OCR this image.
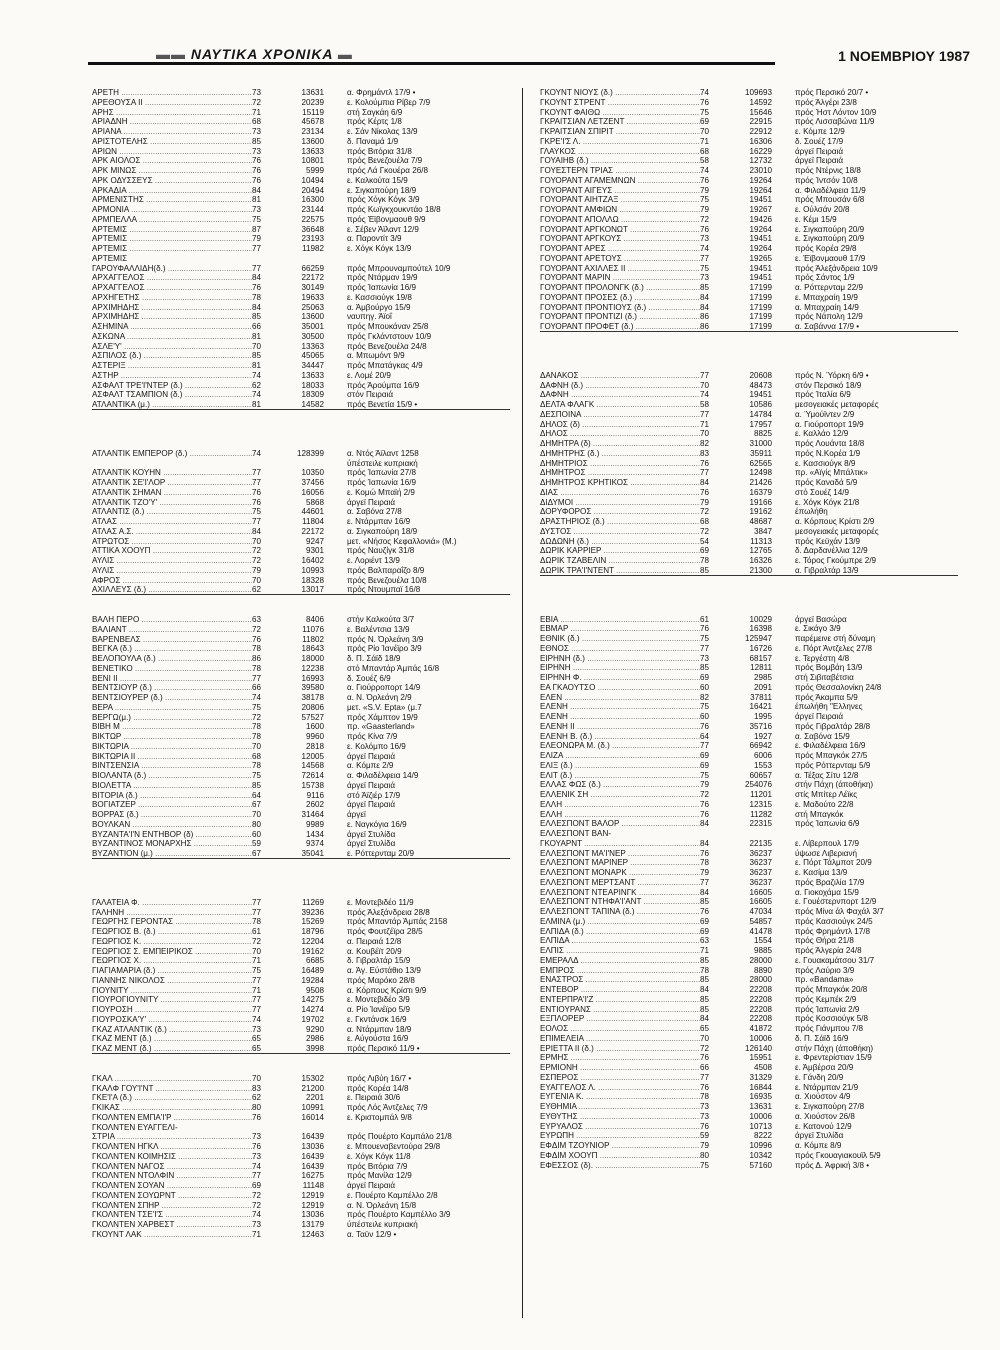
▬▬ ΝΑΥΤΙΚΑ ΧΡΟΝΙΚΑ ▬	1 ΝΟΕΜΒΡΙΟΥ 1987
ΑΡΕΤΗ .....	73	13631	α. Φρημάντλ 17/9 •
ΑΡΕΘΟΥΣΑ ΙΙ .....	72	20239	ε. Κολούμπια Ρίβερ 7/9
ΑΡΗΣ .....	71	15119	στή Σαγκάη 6/9
ΑΡΙΑΔΝΗ .....	68	45678	πρός Κέρτς 1/8
ΑΡΙΑΝΑ .....	73	23134	ε. Σάν Νίκολας 13/9
ΑΡΙΣΤΟΤΕΛΗΣ .....	85	13600	δ. Παναμά 1/9
ΑΡΙΩΝ .....	73	13633	πρός Βιτόρια 31/8
ΑΡΚ ΑΙΟΛΟΣ .....	76	10801	πρός Βενεζουέλα 7/9
ΑΡΚ ΜΙΝΩΣ .....	76	5999	πρός Λά Γκουέρα 26/8
ΑΡΚ ΟΔΥΣΣΕΥΣ .....	76	10494	ε. Καλκούτα 15/9
ΑΡΚΑΔΙΑ .....	84	20494	ε. Σιγκαπούρη 18/9
ΑΡΜΕΝΙΣΤΗΣ .....	81	16300	πρός Χόγκ Κόγκ 3/9
ΑΡΜΟΝΙΑ .....	73	23144	πρός Κωϊγκχουκντάο 18/8
ΑΡΜΠΕΛΛΑ .....	75	22575	πρός Έϊβονμαουθ 9/9
ΑΡΤΕΜΙΣ .....	87	36648	ε. Σέβεν Άϊλαντ 12/9
ΑΡΤΕΜΙΣ .....	79	23193	α. Παροντίτ 3/9
ΑΡΤΕΜΙΣ .....	77	11982	ε. Χόγκ Κόγκ 13/9
ΑΡΤΕΜΙΣ
ΓΑΡΟΥΦΑΛΛΙΔΗ(δ.) .....	77	66259	πρός Μπρουναμπούτελ 10/9
ΑΡΧΑΓΓΕΛΟΣ .....	84	22172	πρός Ντάρμαν 19/9
ΑΡΧΑΓΓΕΛΟΣ .....	76	30149	πρός Ίαπωνία 16/9
ΑΡΧΗΓΕΤΗΣ .....	78	19633	ε. Κασσιούγκ 19/8
ΑΡΧΙΜΗΔΗΣ .....	84	25063	α. Άμβούργο 15/9
ΑΡΧΙΜΗΔΗΣ .....	85	13600	ναυπηγ. Άϊοΐ
ΑΣΗΜΙΝΑ .....	66	35001	πρός Μπουκάναν 25/8
ΑΣΚΩΝΑ .....	81	30500	πρός Γκλάντστουν 10/9
ΑΣΛΕ'Υ' .....	70	13363	πρός Βενεζουέλα 24/8
ΑΣΠΙΛΟΣ (δ.) .....	85	45065	α. Μπωμόντ 9/9
ΑΣΤΕΡΙΞ .....	81	34447	πρός Μπατάγκας 4/9
ΑΣΤΗΡ .....	74	13633	ε. Λομέ 20/9
ΑΣΦΑΛΤ ΤΡΕ'Ι'ΝΤΕΡ (δ.) .....	62	18033	πρός Άρούμπα 16/9
ΑΣΦΑΛΤ ΤΣΑΜΠΙΟΝ (δ.) .....	74	18309	στόν Πειραιά
ΑΤΛΑΝΤΙΚΑ (μ.) .....	81	14582	πρός Βενετία 15/9 •
ΑΤΛΑΝΤΙΚ ΕΜΠΕΡΟΡ (δ.) .....	74	128399	α. Ντός Άϊλαντ 1258
ύπέστειλε κυπριακή
ΑΤΛΑΝΤΙΚ ΚΟΥΗΝ .....	77	10350	πρός Ίαπωνία 27/8
ΑΤΛΑΝΤΙΚ ΣΕ'Ι'ΛΟΡ .....	77	37456	πρός Ίαπωνία 16/9
ΑΤΛΑΝΤΙΚ ΣΗΜΑΝ .....	76	16056	ε. Κομώ Μπαϊή 2/9
ΑΤΛΑΝΤΙΚ ΤΖΟ'Υ' .....	76	5868	άργεϊ Πειραιά
ΑΤΛΑΝΤΙΣ (δ.) .....	75	44601	α. Σαβόνα 27/8
ΑΤΛΑΣ .....	77	11804	ε. Ντάρμπαν 16/9
ΑΤΛΑΣ Α.Σ. .....	84	22172	α. Σιγκαπούρη 18/9
ΑΤΡΩΤΟΣ .....	70	9247	μετ. «Νήσος Κεφαλλονιά» (Μ.)
ΑΤΤΙΚΑ ΧΟΟΥΠ .....	72	9301	πρός Ναυζίγκ 31/8
ΑΥΛΙΣ .....	72	16402	ε. Λοριέντ 13/9
ΑΥΛΙΣ .....	79	10993	πρός Βαλπαραΐζο 8/9
ΑΦΡΟΣ .....	70	18328	πρός Βενεζουέλα 10/8
ΑΧΙΛΛΕΥΣ (δ.) .....	62	13017	πρός Ντουμπαϊ 16/8
ΒΑΛΗ ΠΕΡΟ .....	63	8406	στήν Καλκούτα 3/7
ΒΑΛΙΑΝΤ .....	72	11076	ε. Βαλέντσια 13/9
ΒΑΡΕΝΒΕΛΣ .....	76	11802	πρός Ν. Όρλεάνη 3/9
ΒΕΓΚΑ (δ.) .....	78	18643	πρός Ρίο Ίανέϊρο 3/9
ΒΕΛΟΠΟΥΛΑ (δ.) .....	86	18000	δ. Π. Σάϊδ 18/9
ΒΕΝΕΤΙΚΟ .....	78	12238	στό Μπαντάρ Άμπάς 16/8
ΒΕΝΙ ΙΙ .....	77	16993	δ. Σουέζ 6/9
ΒΕΝΤΣΙΟΥΡ (δ.) .....	66	39580	α. Γιούρροπορτ 14/9
ΒΕΝΤΣΙΟΥΡΕΡ (δ.) .....	74	38178	α. Ν. Όρλεάνη 2/9
ΒΕΡΑ .....	75	20806	μετ. «S.V. Epta» (μ.7
ΒΕΡΓΩ(μ.) .....	72	57527	πρός Χάμπτον 19/9
ΒΙΒΗ Μ .....	78	1600	πρ. «Gaasterland»
ΒΙΚΤΩΡ .....	78	9960	πρός Κίνα 7/9
ΒΙΚΤΩΡΙΑ .....	70	2818	ε. Κολόμπο 16/9
ΒΙΚΤΩΡΙΑ ΙΙ .....	68	12005	άργεϊ Πειραιά
ΒΙΝΤΣΕΝΣΙΑ .....	78	14568	α. Κόμπε 2/9
ΒΙΟΛΑΝΤΑ (δ.) .....	75	72614	α. Φιλαδέλφεια 14/9
ΒΙΟΛΕΤΤΑ .....	85	15738	άργεϊ Πειραιά
ΒΙΤΟΡΙΑ (δ.) .....	64	9116	στό Άϊζιέρ 17/9
ΒΟΓΙΑΤΖΕΡ .....	67	2602	άργεϊ Πειραιά
ΒΟΡΡΑΣ (δ.) .....	70	31464	άργεϊ
ΒΟΥΛΚΑΝ .....	80	9989	ε. Ναγκόγια 16/9
ΒΥΖΑΝΤΑ'Ι'Ν ΕΝΤΗΒΟΡ (δ) .....	60	1434	άργεϊ Στυλίδα
ΒΥΖΑΝΤΙΝΟΣ ΜΟΝΑΡΧΗΣ .....	59	9374	άργεϊ Στυλίδα
ΒΥΖΑΝΤΙΟΝ (μ.) .....	67	35041	ε. Ρόττερνταμ 20/9
ΓΑΛΑΤΕΙΑ Φ. .....	77	11269	ε. Μοντεβιδέο 11/9
ΓΑΛΗΝΗ .....	77	39236	πρός Άλεξάνδρεια 28/8
ΓΕΩΡΓΗΣ ΓΕΡΟΝΤΑΣ .....	78	15269	πρός Μπαντάρ Άμπάς 2158
ΓΕΩΡΓΙΟΣ Β. (δ.) .....	61	18796	πρός Φουτζέϊρα 28/5
ΓΕΩΡΓΙΟΣ Κ. .....	72	12204	α. Πειραιά 12/8
ΓΕΩΡΓΙΟΣ Σ. ΕΜΠΕΙΡΙΚΟΣ .....	70	19162	α. Κουβέϊτ 20/9
ΓΕΩΡΓΙΟΣ Χ. .....	71	6685	δ. Γιβραλτάρ 15/9
ΓΙΑΓΙΑΜΑΡΙΑ (δ.) .....	75	16489	α. Άγ. Εύστάθιο 13/9
ΓΙΑΝΝΗΣ ΝΙΚΟΛΟΣ .....	77	19284	πρός Μαρόκο 28/8
ΓΙΟΥΝΙΤΥ .....	71	9508	α. Κόρπους Κρίστι 9/9
ΓΙΟΥΡΟΓΙΟΥΝΙΤΥ .....	77	14275	ε. Μοντεβιδέο 3/9
ΓΙΟΥΡΟΣΗ .....	77	14274	α. Ρίο Ίανέϊρο 5/9
ΓΙΟΥΡΟΣΚΑ'Υ' .....	74	19702	ε. Γκντάνσκ 16/9
ΓΚΑΖ ΑΤΛΑΝΤΙΚ (δ.) .....	73	9290	α. Ντάρμπαν 18/9
ΓΚΑΖ ΜΕΝΤ (δ.) .....	65	2986	ε. Αύγούστα 16/9
ΓΚΑΖ ΜΕΝΤ (δ.) .....	65	3998	πρός Περσικό 11/9 •
ΓΚΑΛ .....	70	15302	πρός Λιβύη 16/7 •
ΓΚΑΛΦ ΓΟΥ'Ι'ΝΤ .....	83	21200	πρός Κορέα 14/8
ΓΚΕ'Ι'Α (δ.) .....	62	2201	ε. Πειραιά 30/6
ΓΚΙΚΑΣ .....	80	10991	πρός Λός Άντζελες 7/9
ΓΚΟΛΝΤΕΝ ΕΜΠΑ'Ι'Ρ .....	76	16014	ε. Κριστομπάλ 9/8
ΓΚΟΛΝΤΕΝ ΕΥΑΓΓΕΛΙ-
ΣΤΡΙΑ .....	73	16439	πρός Πουέρτο Καμπάλο 21/8
ΓΚΟΛΝΤΕΝ ΗΓΚΛ .....	76	13036	ε. Μπουεναβεντούρα 29/8
ΓΚΟΛΝΤΕΝ ΚΟΙΜΗΣΙΣ .....	73	16439	ε. Χόγκ Κόγκ 11/8
ΓΚΟΛΝΤΕΝ ΝΑΓΟΣ .....	74	16439	πρός Βιτόρια 7/9
ΓΚΟΛΝΤΕΝ ΝΤΟΛΦΙΝ .....	77	16275	πρός Μανίλα 12/9
ΓΚΟΛΝΤΕΝ ΣΟΥΑΝ .....	69	11148	άργεϊ Πειραιά
ΓΚΟΛΝΤΕΝ ΣΟΥΩΡΝΤ .....	72	12919	ε. Πουέρτο Καμπέλλο 2/8
ΓΚΟΛΝΤΕΝ ΣΠΗΡ .....	72	12919	α. Ν. Όρλεάνη 15/8
ΓΚΟΛΝΤΕΝ ΤΣΕ'Ι'Σ .....	74	13036	πρός Πουέρτο Καμπέλλο 3/9
ΓΚΟΛΝΤΕΝ ΧΑΡΒΕΣΤ .....	73	13179	ύπέστειλε κυπριακή
ΓΚΟΥΝΤ ΛΑΚ .....	71	12463	α. Ταϋν 12/9 •
ΓΚΟΥΝΤ ΝΙΟΥΣ (δ.) .....	74	109693	πρός Περσικό 20/7 •
ΓΚΟΥΝΤ ΣΤΡΕΝΤ .....	76	14592	πρός Άλγέρι 23/8
ΓΚΟΥΝΤ ΦΑΙΘΩ .....	75	15646	πρός Ήστ Λόντον 10/9
ΓΚΡΑΙΤΣΙΑΝ ΛΕΤΖΕΝΤ .....	69	22915	πρός Λισσαβώνα 11/9
ΓΚΡΑΙΤΣΙΑΝ ΣΠΙΡΙΤ .....	70	22912	ε. Κόμπε 12/9
ΓΚΡΕ'Ι'Σ Λ. .....	71	16306	δ. Σουέζ 17/9
ΓΛΑΥΚΟΣ .....	68	16229	άργεϊ Πειραιά
ΓΟΥΑΙΗΒ (δ.) .....	58	12732	άργεϊ Πειραιά
ΓΟΥΕΣΤΕΡΝ ΤΡΙΑΣ .....	74	23010	πρός Ντέρνις 18/8
ΓΟΥΟΡΑΝΤ ΑΓΑΜΕΜΝΩΝ .....	76	19264	πρός Ίντσόν 10/8
ΓΟΥΟΡΑΝΤ ΑΙΓΕΥΣ .....	79	19264	α. Φιλαδέλφεια 11/9
ΓΟΥΟΡΑΝΤ ΑΙΗΤΖΑΞ .....	75	19451	πρός Μπουσάν 6/8
ΓΟΥΟΡΑΝΤ ΑΜΦΙΩΝ .....	79	19267	ε. Ούλσάν 20/8
ΓΟΥΟΡΑΝΤ ΑΠΟΛΛΩ .....	72	19426	ε. Κέμι 15/9
ΓΟΥΟΡΑΝΤ ΑΡΓΚΟΝΩΤ .....	76	19264	ε. Σιγκαπούρη 20/9
ΓΟΥΟΡΑΝΤ ΑΡΓΚΟΥΣ .....	73	19451	ε. Σιγκαπούρη 20/9
ΓΟΥΟΡΑΝΤ ΑΡΕΣ .....	74	19264	πρός Κορέα 29/8
ΓΟΥΟΡΑΝΤ ΑΡΕΤΟΥΣ .....	77	19265	ε. Έϊβονμαουθ 17/9
ΓΟΥΟΡΑΝΤ ΑΧΙΛΛΕΣ ΙΙ .....	75	19451	πρός Άλεξάνδρεια 10/9
ΓΟΥΟΡΑΝΤ ΜΑΡΙΝ .....	73	19451	πρός Σάντος 1/9
ΓΟΥΟΡΑΝΤ ΠΡΟΛΟΝΓΚ (δ.) .....	85	17199	α. Ρόττερνταμ 22/9
ΓΟΥΟΡΑΝΤ ΠΡΟΣΕΣ (δ.) .....	84	17199	ε. Μπαχραίη 19/9
ΓΟΥΟΡΑΝΤ ΠΡΟΝΤΙΟΥΣ (δ.) .....	84	17199	α. Μπαχραίη 14/9
ΓΟΥΟΡΑΝΤ ΠΡΟΝΤΙΖΙ (δ.) .....	86	17199	πρός Νάπολη 12/9
ΓΟΥΟΡΑΝΤ ΠΡΟΦΕΤ (δ.) .....	86	17199	α. Σαβάννα 17/9 •
ΔΑΝΑΚΟΣ .....	77	20608	πρός Ν. Ύόρκη 6/9 •
ΔΑΦΝΗ (δ.) .....	70	48473	στόν Περσικό 18/9
ΔΑΦΝΗ .....	74	19451	πρός Ίταλία 6/9
ΔΕΛΤΑ ΦΛΑΓΚ .....	58	10586	μεσογειακές μεταφορές
ΔΕΣΠΟΙΝΑ .....	77	14784	α. Ύμούϊντεν 2/9
ΔΗΛΟΣ (δ) .....	71	17957	α. Γιούροπορτ 19/9
ΔΗΛΟΣ .....	70	8825	ε. Καλλάο 12/9
ΔΗΜΗΤΡΑ (δ) .....	82	31000	πρός Λουάντα 18/8
ΔΗΜΗΤΡΗΣ (δ.) .....	83	35911	πρός Ν.Κορέα 1/9
ΔΗΜΗΤΡΙΟΣ .....	76	62565	ε. Κασσιούγκ 8/9
ΔΗΜΗΤΡΟΣ .....	77	12498	πρ. «Αϊγίς Μπάλτικ»
ΔΗΜΗΤΡΟΣ ΚΡΗΤΙΚΟΣ .....	84	21426	πρός Καναδά 5/9
ΔΙΑΣ .....	76	16379	στό Σουέζ 14/9
ΔΙΔΥΜΟΙ .....	79	19166	ε. Χόγκ Κόγκ 21/8
ΔΟΡΥΦΟΡΟΣ .....	72	19162	έπωλήθη
ΔΡΑΣΤΗΡΙΟΣ (δ.) .....	68	48687	α. Κόρπους Κρίστι 2/9
ΔΥΣΤΟΣ .....	72	3847	μεσογειακές μεταφορές
ΔΩΔΩΝΗ (δ.) .....	54	11313	πρός Κεϋχάν 13/9
ΔΩΡΙΚ ΚΑΡΡΙΕΡ .....	69	12765	δ. Δαρδανέλλια 12/9
ΔΩΡΙΚ ΤΖΑΒΕΛΙΝ .....	78	16326	ε. Τόρος Γκούμπρε 2/9
ΔΩΡΙΚ ΤΡΑ'Ι'ΝΤΕΝΤ .....	85	21300	α. Γιβραλτάρ 13/9
ΕΒΙΑ .....	61	10029	άργεϊ Βασώρα
ΕΒΜΑΡ .....	76	16398	ε. Σικάγο 3/9
ΕΘΝΙΚ (δ.) .....	75	125947	παρέμεινε στή δύναμη
ΕΘΝΟΣ .....	77	16726	ε. Πόρτ Άντζελες 27/8
ΕΙΡΗΝΗ (δ.) .....	73	68157	ε. Τεργέστη 4/8
ΕΙΡΗΝΗ .....	85	12811	πρός Βομβάη 13/9
ΕΙΡΗΝΗ Φ. .....	69	2985	στή Σιβιταβέτσια
ΕΑ ΓΚΑΟΥΤΣΟ .....	60	2091	πρός Θεσσαλονίκη 24/8
ΕΛΕΝ .....	82	37811	πρός Άκαμπα 5/9
ΕΛΕΝΗ .....	75	16421	έπωλήθη "Ελληνες
ΕΛΕΝΗ .....	60	1995	άργεϊ Πειραιά
ΕΛΕΝΗ ΙΙ .....	76	35716	πρός Γιβραλτάρ 28/8
ΕΛΕΝΗ Β. (δ.) .....	64	1927	α. Σαβόνα 15/9
ΕΛΕΟΝΩΡΑ Μ. (δ.) .....	77	66942	ε. Φιλαδέλφεια 16/9
ΕΛΙΖΑ .....	69	6006	πρός Μπαγκόκ 27/5
ΕΛΙΞ (δ.) .....	69	1553	πρός Ρόττερνταμ 5/9
ΕΛΙΤ (δ.) .....	75	60657	α. Τέξας Σίτυ 12/8
ΕΛΛΑΣ ΦΩΣ (δ.) .....	79	254076	στήν Πάχη (άποθήκη)
ΕΛΛΕΝΙΚ ΣΗ .....	72	11201	στίς Μπίτερ Λέϊκς
ΕΛΛΗ .....	76	12315	ε. Μαδούτο 22/8
ΕΛΛΗ .....	76	11282	στή Μπαγκόκ
ΕΛΛΕΣΠΟΝΤ ΒΑΛΟΡ .....	84	22315	πρός Ίαπωνία 6/9
ΕΛΛΕΣΠΟΝΤ ΒΑΝ-
ΓΚΟΥΑΡΝΤ .....	84	22135	ε. Λίβερπουλ 17/9
ΕΛΛΕΣΠΟΝΤ ΜΑ'Ι'ΝΕΡ .....	76	36237	ύψωσε Λιβεριανή
ΕΛΛΕΣΠΟΝΤ ΜΑΡΙΝΕΡ .....	78	36237	ε. Πόρτ Τάλμποτ 20/9
ΕΛΛΕΣΠΟΝΤ ΜΟΝΑΡΚ .....	79	36237	ε. Κασίμα 13/9
ΕΛΛΕΣΠΟΝΤ ΜΕΡΤΣΑΝΤ .....	77	36237	πρός Βραζιλία 17/9
ΕΛΛΕΣΠΟΝΤ ΝΤΕΑΡΙΝΓΚ .....	84	16605	α. Γιοκοχάμα 15/9
ΕΛΛΕΣΠΟΝΤ ΝΤΗΦΑ'Ι'ΑΝΤ .....	85	16605	ε. Γουέστερνπορτ 12/9
ΕΛΛΕΣΠΟΝΤ ΤΑΠΙΝΑ (δ.) .....	76	47034	πρός Μίνα άλ Φαχάλ 3/7
ΕΛΜΙΝΑ (μ.) .....	69	54857	πρός Κασσιούγκ 24/5
ΕΛΠΙΔΑ (δ.) .....	69	41478	πρός Φρημάντλ 17/8
ΕΛΠΙΔΑ .....	63	1554	πρός Θήρα 21/8
ΕΛΠΙΣ .....	71	9885	πρός Άλγερία 24/8
ΕΜΕΡΑΛΔ .....	85	28000	ε. Γουακαμάτσου 31/7
ΕΜΠΡΟΣ .....	78	8890	πρός Λαύριο 3/9
ΕΝΑΣΤΡΟΣ .....	85	28000	πρ. «Bandama»
ΕΝΤΕΒΟΡ .....	84	22208	πρός Μπαγκόκ 20/8
ΕΝΤΕΡΠΡΑ'Ι'Ζ .....	85	22208	πρός Κεμπέκ 2/9
ΕΝΤΙΟΥΡΑΝΣ .....	85	22208	πρός Ίαπωνία 2/9
ΕΞΠΛΟΡΕΡ .....	84	22208	πρός Κοσσιούγκ 5/8
ΕΟΛΟΣ .....	65	41872	πρός Γιάνμπου 7/8
ΕΠΙΜΕΛΕΙΑ .....	70	10006	δ. Π. Σάϊδ 16/9
ΕΡΙΕΤΤΑ ΙΙ (δ.) .....	72	126140	στήν Πάχη (άποθήκη)
ΕΡΜΗΣ .....	76	15951	ε. Φρεντερίστιαν 15/9
ΕΡΜΙΟΝΗ .....	66	4508	ε. Άμβέρσα 20/9
ΕΣΠΕΡΟΣ .....	77	31329	ε. Γάνδη 20/9
ΕΥΑΓΓΕΛΟΣ Λ. .....	76	16844	ε. Ντάρμπαν 21/9
ΕΥΓΕΝΙΑ Κ. .....	78	16935	α. Χιούστον 4/9
ΕΥΘΗΜΙΑ .....	73	13631	ε. Σιγκαπούρη 27/8
ΕΥΘΥΤΗΣ .....	73	10006	α. Χιούστον 26/8
ΕΥΡΥΑΛΟΣ .....	76	10713	ε. Κατονού 12/9
ΕΥΡΩΠΗ .....	59	8222	άργεϊ Στυλίδα
ΕΦΔΙΜ ΤΖΟΥΝΙΟΡ .....	79	10996	α. Κόμπε 8/9
ΕΦΔΙΜ ΧΟΟΥΠ .....	80	10342	πρός Γκουαγιακουϊλ 5/9
ΕΦΕΣΣΟΣ (δ). .....	75	57160	πρός Δ. Άφρική 3/8 •
